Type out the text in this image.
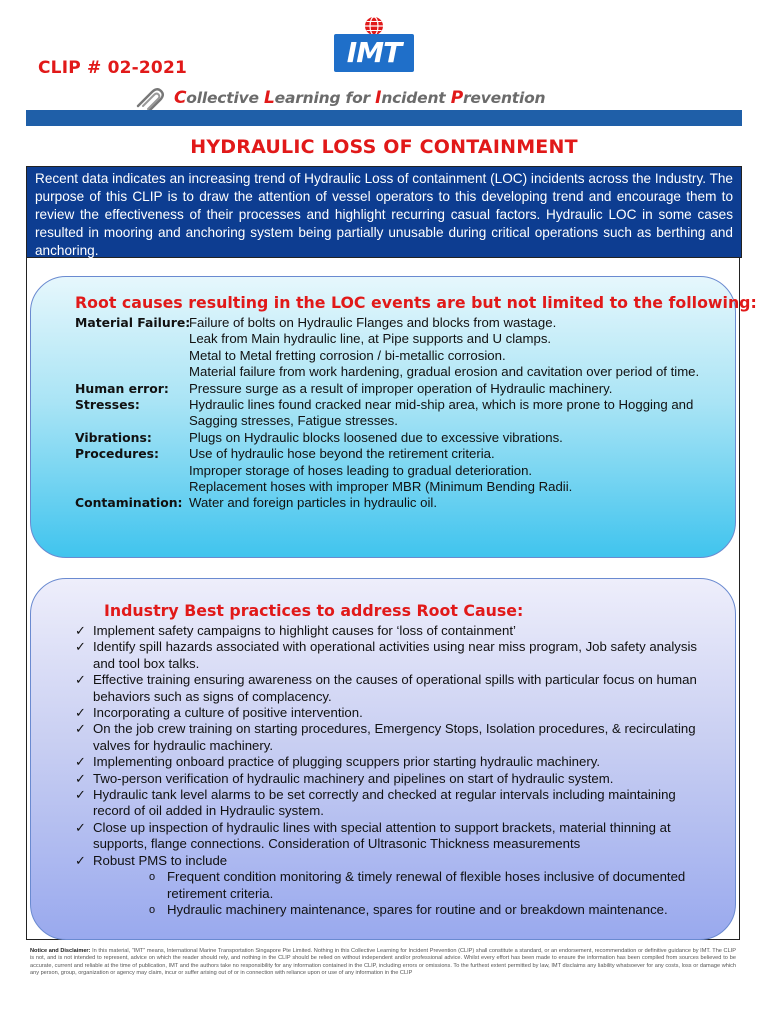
CLIP # 02-2021	IMT
Collective Learning for Incident Prevention
HYDRAULIC LOSS OF CONTAINMENT
Recent data indicates an increasing trend of Hydraulic Loss of containment (LOC) incidents across the Industry. The purpose of this CLIP is to draw the attention of vessel operators to this developing trend and encourage them to review the effectiveness of their processes and highlight recurring casual factors. Hydraulic LOC in some cases resulted in mooring and anchoring system being partially unusable during critical operations such as berthing and anchoring.
Root causes resulting in the LOC events are but not limited to the following:
Material Failure:
Failure of bolts on Hydraulic Flanges and blocks from wastage.
Leak from Main hydraulic line, at Pipe supports and U clamps.
Metal to Metal fretting corrosion / bi-metallic corrosion.
Material failure from work hardening, gradual erosion and cavitation over period of time.
Human error: Pressure surge as a result of improper operation of Hydraulic machinery.
Stresses:	Hydraulic lines found cracked near mid-ship area, which is more prone to Hogging and Sagging stresses, Fatigue stresses.
Vibrations:	Plugs on Hydraulic blocks loosened due to excessive vibrations.
Procedures: Use of hydraulic hose beyond the retirement criteria.
Improper storage of hoses leading to gradual deterioration.
Replacement hoses with improper MBR (Minimum Bending Radii.
Contamination: Water and foreign particles in hydraulic oil.
Industry Best practices to address Root Cause:
✓ Implement safety campaigns to highlight causes for ‘loss of containment’
✓ Identify spill hazards associated with operational activities using near miss program, Job safety analysis and tool box talks.
✓ Effective training ensuring awareness on the causes of operational spills with particular focus on human behaviors such as signs of complacency.
✓ Incorporating a culture of positive intervention.
✓ On the job crew training on starting procedures, Emergency Stops, Isolation procedures, & recirculating valves for hydraulic machinery.
✓ Implementing onboard practice of plugging scuppers prior starting hydraulic machinery.
✓ Two-person verification of hydraulic machinery and pipelines on start of hydraulic system.
✓ Hydraulic tank level alarms to be set correctly and checked at regular intervals including maintaining record of oil added in Hydraulic system.
✓ Close up inspection of hydraulic lines with special attention to support brackets, material thinning at supports, flange connections. Consideration of Ultrasonic Thickness measurements
✓ Robust PMS to include
o Frequent condition monitoring & timely renewal of flexible hoses inclusive of documented retirement criteria.
o Hydraulic machinery maintenance, spares for routine and or breakdown maintenance.
Notice and Disclaimer: In this material, “IMT” means, International Marine Transportation Singapore Pte Limited. Nothing in this Collective Learning for Incident Prevention (CLIP) shall constitute a standard, or an endorsement, recommendation or definitive guidance by IMT. The CLIP is not, and is not intended to represent, advice on which the reader should rely, and nothing in the CLIP should be relied on without independent and/or professional advice. Whilst every effort has been made to ensure the information has been compiled from sources believed to be accurate, current and reliable at the time of publication, IMT and the authors take no responsibility for any information contained in the CLIP, including errors or omissions. To the furthest extent permitted by law, IMT disclaims any liability whatsoever for any costs, loss or damage which any person, group, organization or agency may claim, incur or suffer arising out of or in connection with reliance upon or use of any information in the CLIP
